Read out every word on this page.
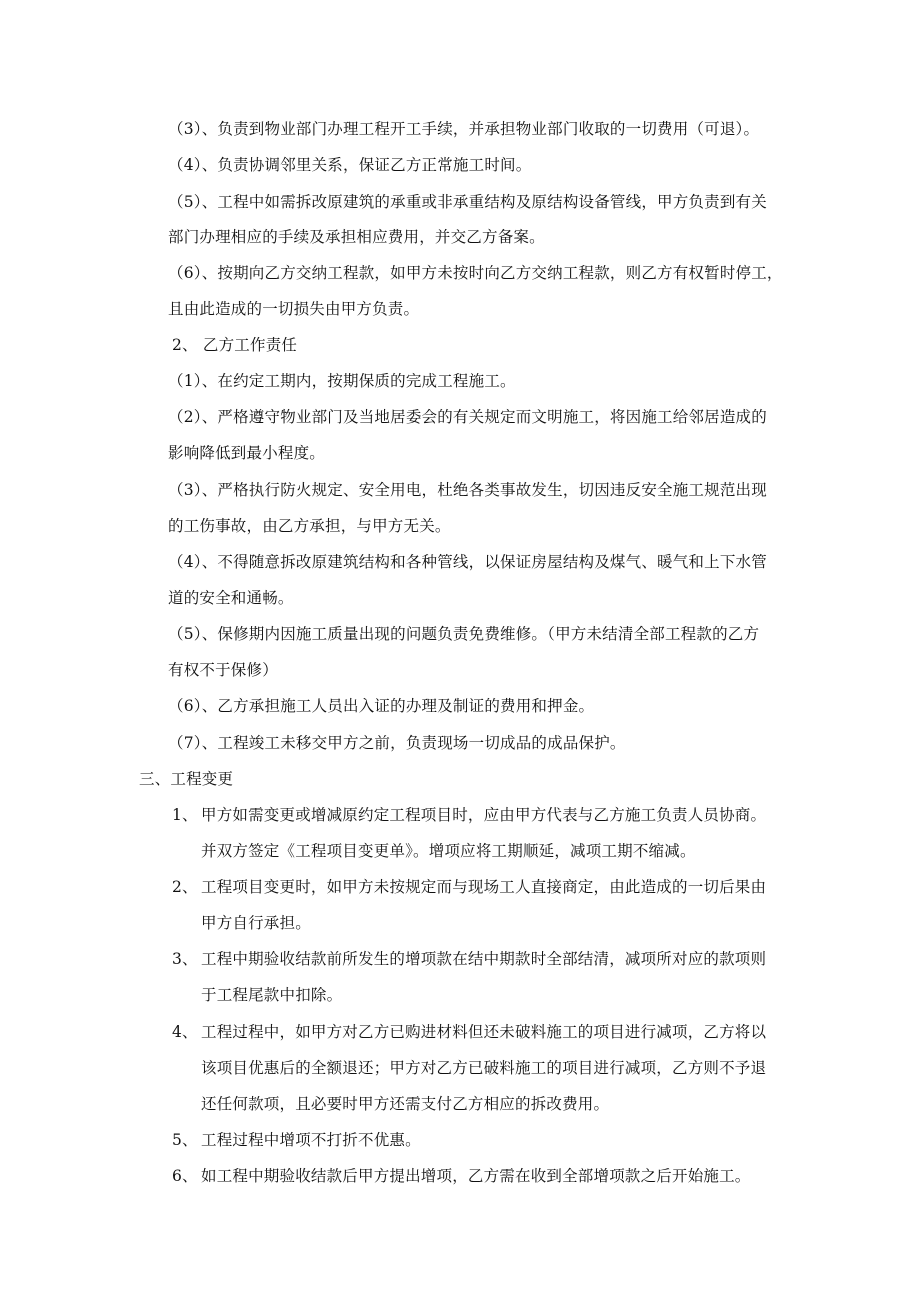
（3）、负责到物业部门办理工程开工手续，并承担物业部门收取的一切费用（可退）。
（4）、负责协调邻里关系，保证乙方正常施工时间。
（5）、工程中如需拆改原建筑的承重或非承重结构及原结构设备管线，甲方负责到有关
部门办理相应的手续及承担相应费用，并交乙方备案。
（6）、按期向乙方交纳工程款，如甲方未按时向乙方交纳工程款，则乙方有权暂时停工，
且由此造成的一切损失由甲方负责。
2、 乙方工作责任
（1）、在约定工期内，按期保质的完成工程施工。
（2）、严格遵守物业部门及当地居委会的有关规定而文明施工，将因施工给邻居造成的
影响降低到最小程度。
（3）、严格执行防火规定、安全用电，杜绝各类事故发生，切因违反安全施工规范出现
的工伤事故，由乙方承担，与甲方无关。
（4）、不得随意拆改原建筑结构和各种管线，以保证房屋结构及煤气、暖气和上下水管
道的安全和通畅。
（5）、保修期内因施工质量出现的问题负责免费维修。（甲方未结清全部工程款的乙方
有权不于保修）
（6）、乙方承担施工人员出入证的办理及制证的费用和押金。
（7）、工程竣工未移交甲方之前，负责现场一切成品的成品保护。
三、工程变更
1、 甲方如需变更或增减原约定工程项目时，应由甲方代表与乙方施工负责人员协商。
并双方签定《工程项目变更单》。增项应将工期顺延，减项工期不缩减。
2、 工程项目变更时，如甲方未按规定而与现场工人直接商定，由此造成的一切后果由
甲方自行承担。
3、 工程中期验收结款前所发生的增项款在结中期款时全部结清，减项所对应的款项则
于工程尾款中扣除。
4、 工程过程中，如甲方对乙方已购进材料但还未破料施工的项目进行减项，乙方将以
该项目优惠后的全额退还；甲方对乙方已破料施工的项目进行减项，乙方则不予退
还任何款项，且必要时甲方还需支付乙方相应的拆改费用。
5、 工程过程中增项不打折不优惠。
6、 如工程中期验收结款后甲方提出增项，乙方需在收到全部增项款之后开始施工。
